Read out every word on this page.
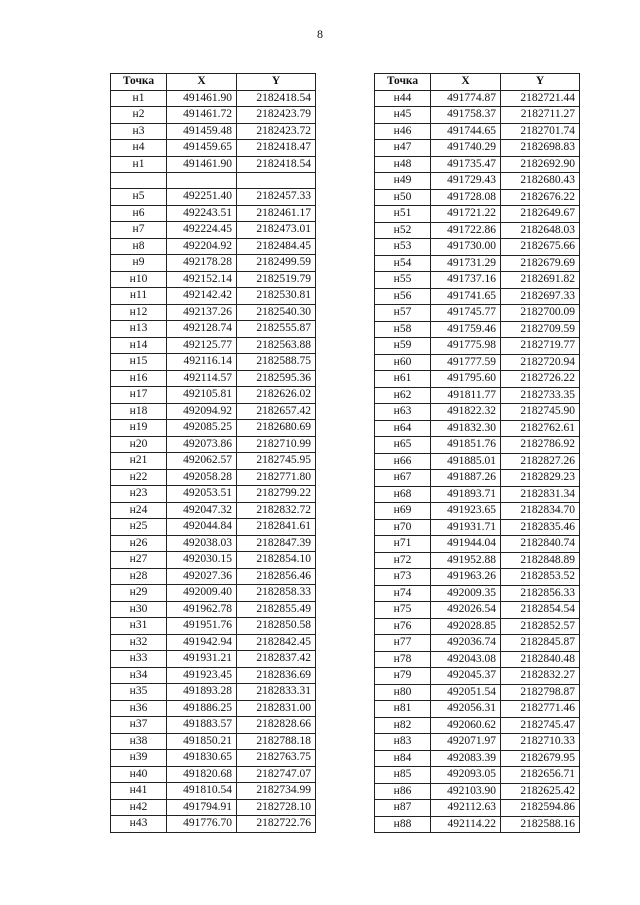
8
Точка	X	Y
н1	491461.90	2182418.54
н2	491461.72	2182423.79
н3	491459.48	2182423.72
н4	491459.65	2182418.47
н1	491461.90	2182418.54

н5	492251.40	2182457.33
н6	492243.51	2182461.17
н7	492224.45	2182473.01
н8	492204.92	2182484.45
н9	492178.28	2182499.59
н10	492152.14	2182519.79
н11	492142.42	2182530.81
н12	492137.26	2182540.30
н13	492128.74	2182555.87
н14	492125.77	2182563.88
н15	492116.14	2182588.75
н16	492114.57	2182595.36
н17	492105.81	2182626.02
н18	492094.92	2182657.42
н19	492085.25	2182680.69
н20	492073.86	2182710.99
н21	492062.57	2182745.95
н22	492058.28	2182771.80
н23	492053.51	2182799.22
н24	492047.32	2182832.72
н25	492044.84	2182841.61
н26	492038.03	2182847.39
н27	492030.15	2182854.10
н28	492027.36	2182856.46
н29	492009.40	2182858.33
н30	491962.78	2182855.49
н31	491951.76	2182850.58
н32	491942.94	2182842.45
н33	491931.21	2182837.42
н34	491923.45	2182836.69
н35	491893.28	2182833.31
н36	491886.25	2182831.00
н37	491883.57	2182828.66
н38	491850.21	2182788.18
н39	491830.65	2182763.75
н40	491820.68	2182747.07
н41	491810.54	2182734.99
н42	491794.91	2182728.10
н43	491776.70	2182722.76
Точка	X	Y
н44	491774.87	2182721.44
н45	491758.37	2182711.27
н46	491744.65	2182701.74
н47	491740.29	2182698.83
н48	491735.47	2182692.90
н49	491729.43	2182680.43
н50	491728.08	2182676.22
н51	491721.22	2182649.67
н52	491722.86	2182648.03
н53	491730.00	2182675.66
н54	491731.29	2182679.69
н55	491737.16	2182691.82
н56	491741.65	2182697.33
н57	491745.77	2182700.09
н58	491759.46	2182709.59
н59	491775.98	2182719.77
н60	491777.59	2182720.94
н61	491795.60	2182726.22
н62	491811.77	2182733.35
н63	491822.32	2182745.90
н64	491832.30	2182762.61
н65	491851.76	2182786.92
н66	491885.01	2182827.26
н67	491887.26	2182829.23
н68	491893.71	2182831.34
н69	491923.65	2182834.70
н70	491931.71	2182835.46
н71	491944.04	2182840.74
н72	491952.88	2182848.89
н73	491963.26	2182853.52
н74	492009.35	2182856.33
н75	492026.54	2182854.54
н76	492028.85	2182852.57
н77	492036.74	2182845.87
н78	492043.08	2182840.48
н79	492045.37	2182832.27
н80	492051.54	2182798.87
н81	492056.31	2182771.46
н82	492060.62	2182745.47
н83	492071.97	2182710.33
н84	492083.39	2182679.95
н85	492093.05	2182656.71
н86	492103.90	2182625.42
н87	492112.63	2182594.86
н88	492114.22	2182588.16
